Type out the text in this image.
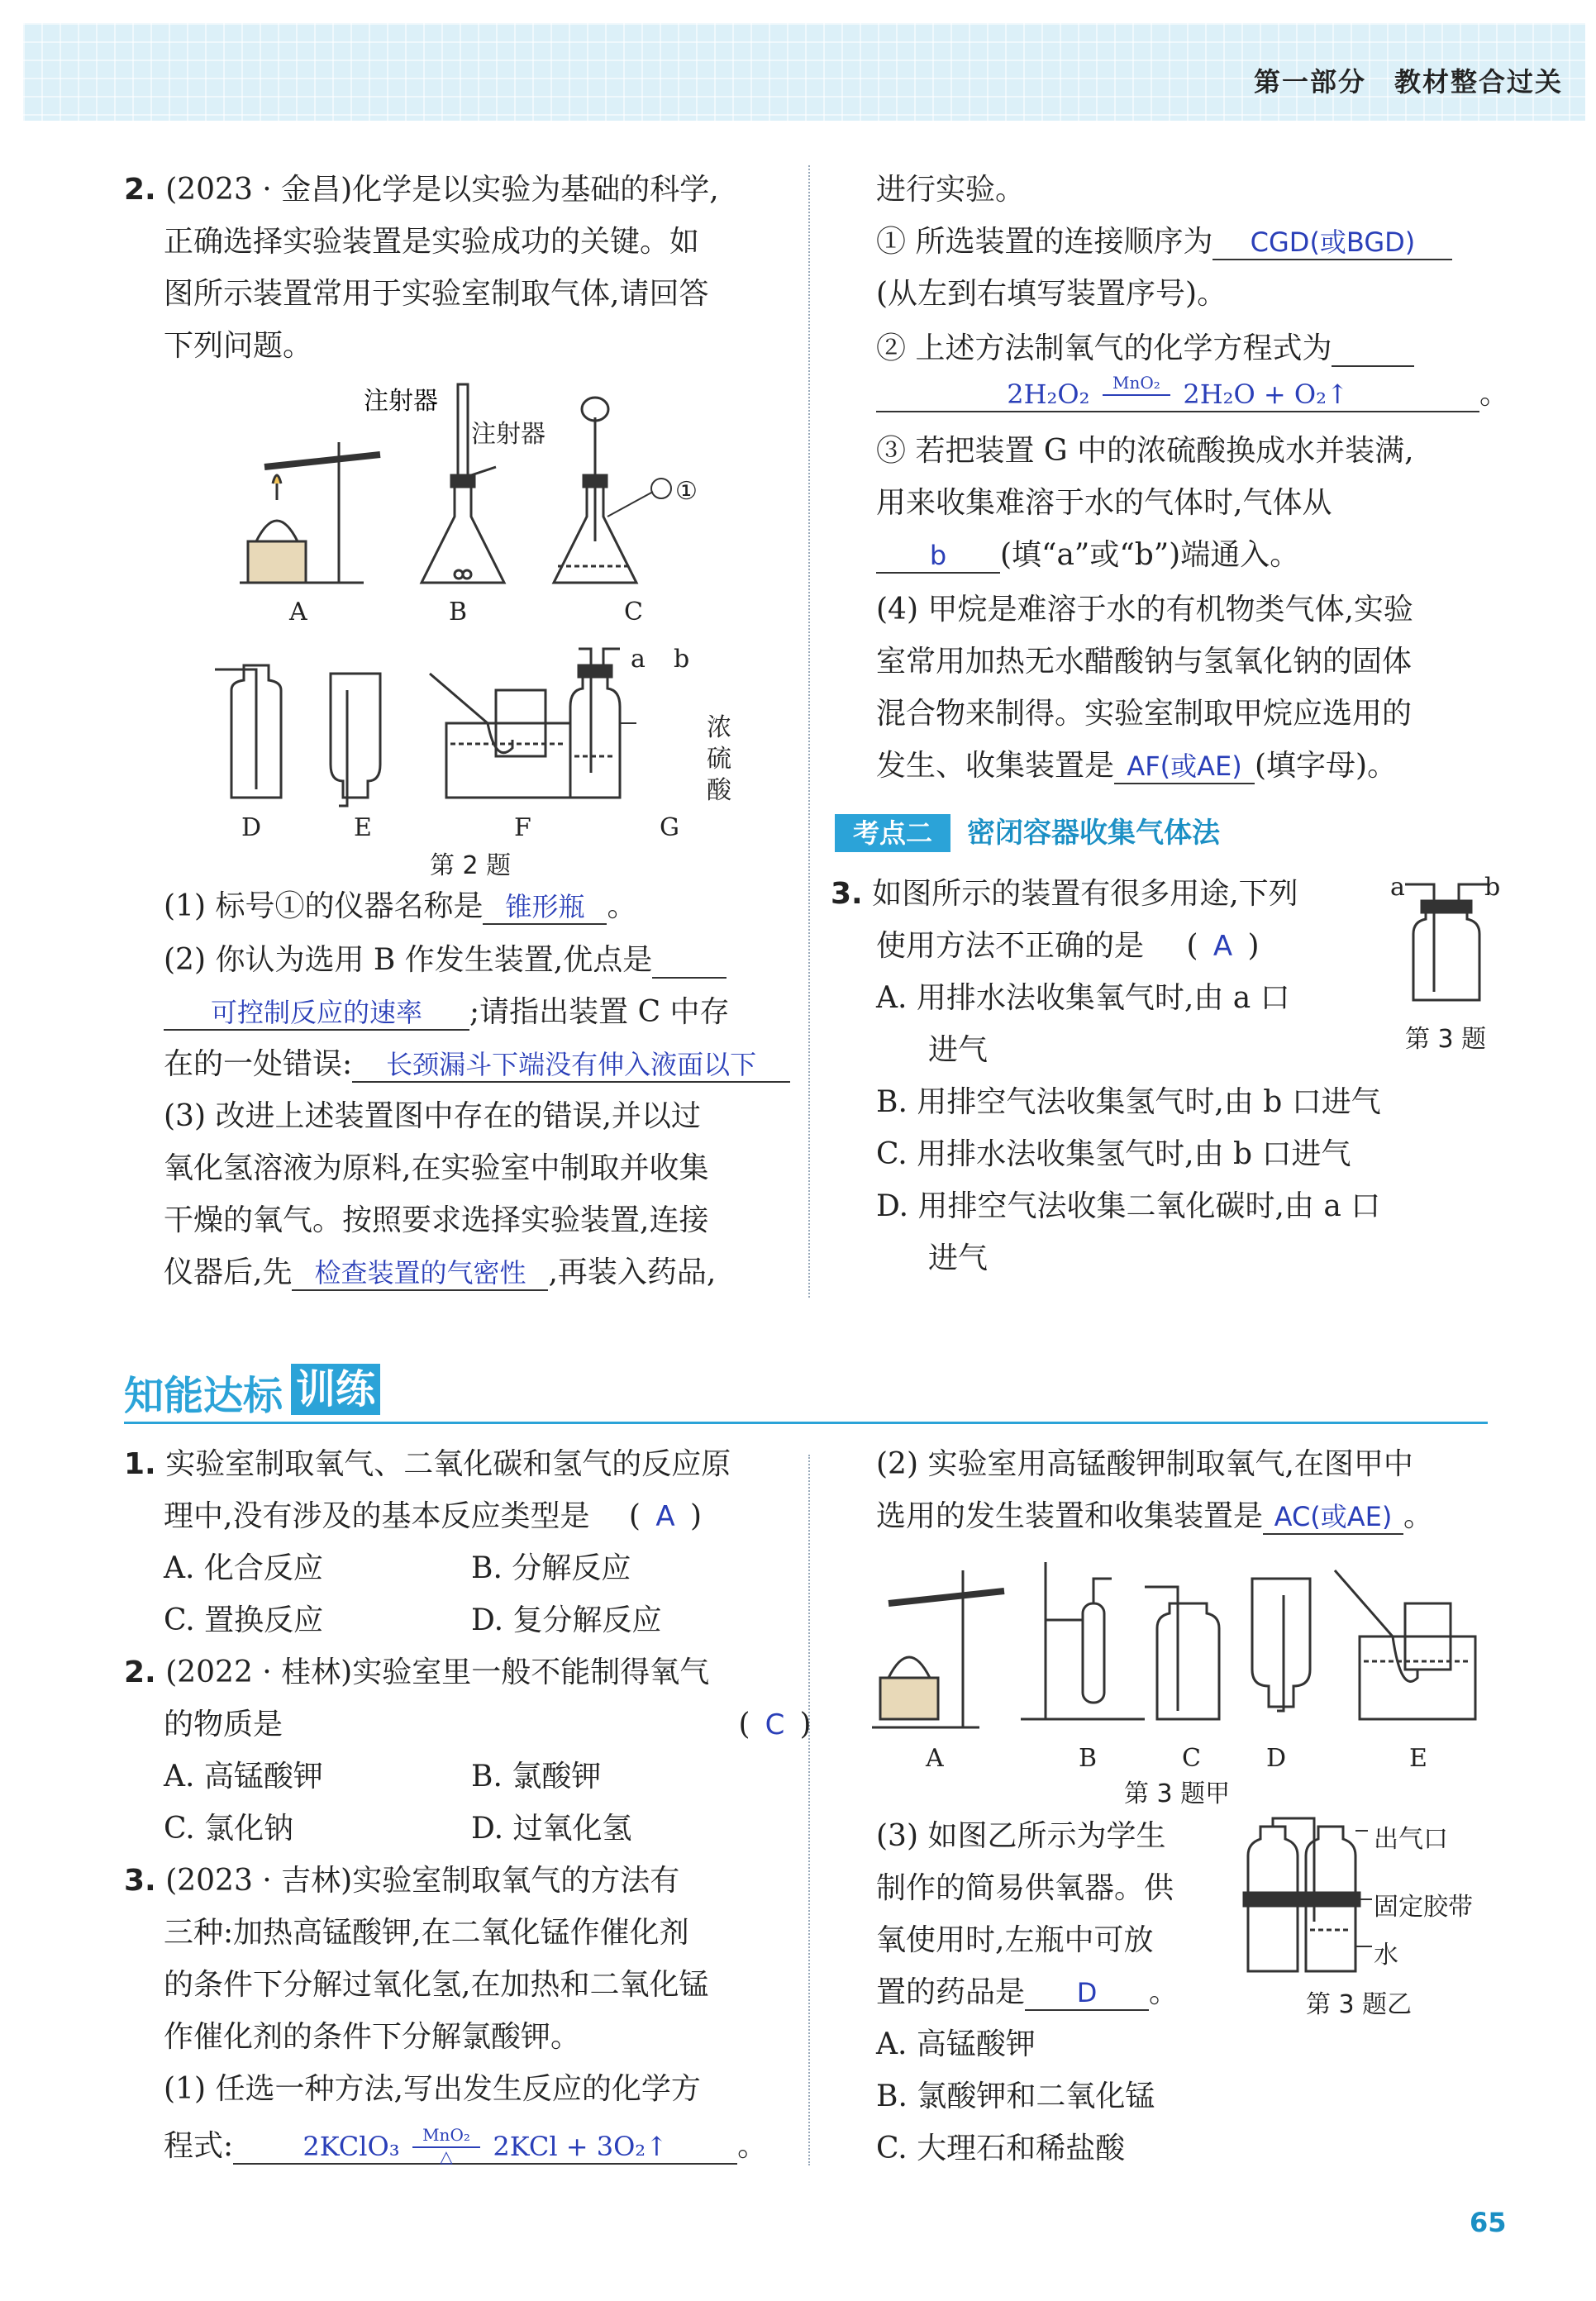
第一部分　教材整合过关
2. (2023 · 金昌)化学是以实验为基础的科学,
正确选择实验装置是实验成功的关键。如
图所示装置常用于实验室制取气体,请回答
下列问题。
注射器
注射器
①
A	B	C
a b
浓
硫
酸
D	E	F	G
第 2 题
(1) 标号①的仪器名称是 锥形瓶 。
(2) 你认为选用 B 作发生装置,优点是
可控制反应的速率 ;请指出装置 C 中存
在的一处错误: 长颈漏斗下端没有伸入液面以下
(3) 改进上述装置图中存在的错误,并以过
氧化氢溶液为原料,在实验室中制取并收集
干燥的氧气。按照要求选择实验装置,连接
仪器后,先 检查装置的气密性 ,再装入药品,
进行实验。
① 所选装置的连接顺序为 CGD(或BGD)
(从左到右填写装置序号)。
② 上述方法制氧气的化学方程式为
2H₂O₂	MnO₂ 2H₂O + O₂↑	。
③ 若把装置 G 中的浓硫酸换成水并装满,
用来收集难溶于水的气体时,气体从
b (填“a”或“b”)端通入。
(4) 甲烷是难溶于水的有机物类气体,实验
室常用加热无水醋酸钠与氢氧化钠的固体
混合物来制得。实验室制取甲烷应选用的
发生、收集装置是 AF(或AE) (填字母)。
考点二	密闭容器收集气体法
3. 如图所示的装置有很多用途,下列
使用方法不正确的是 ( A )
a	b
第 3 题
A. 用排水法收集氧气时,由 a 口
进气
B. 用排空气法收集氢气时,由 b 口进气
C. 用排水法收集氢气时,由 b 口进气
D. 用排空气法收集二氧化碳时,由 a 口
进气
知能达标 训练
1. 实验室制取氧气、二氧化碳和氢气的反应原
理中,没有涉及的基本反应类型是 ( A )
A. 化合反应	B. 分解反应
C. 置换反应	D. 复分解反应
2. (2022 · 桂林)实验室里一般不能制得氧气
的物质是	( C )
A. 高锰酸钾	B. 氯酸钾
C. 氯化钠	D. 过氧化氢
3. (2023 · 吉林)实验室制取氧气的方法有
三种:加热高锰酸钾,在二氧化锰作催化剂
的条件下分解过氧化氢,在加热和二氧化锰
作催化剂的条件下分解氯酸钾。
(1) 任选一种方法,写出发生反应的化学方
程式:	2KClO₃ $\frac{\text{MnO₂}}{\triangle} 2KCl$ + 3O₂↑ 。
(2) 实验室用高锰酸钾制取氧气,在图甲中
选用的发生装置和收集装置是 AC(或AE) 。
A	B	C	D	E
第 3 题甲
(3) 如图乙所示为学生
制作的简易供氧器。供
氧使用时,左瓶中可放
置的药品是 D 。
出气口
固定胶带
水
第 3 题乙
A. 高锰酸钾
B. 氯酸钾和二氧化锰
C. 大理石和稀盐酸
65
